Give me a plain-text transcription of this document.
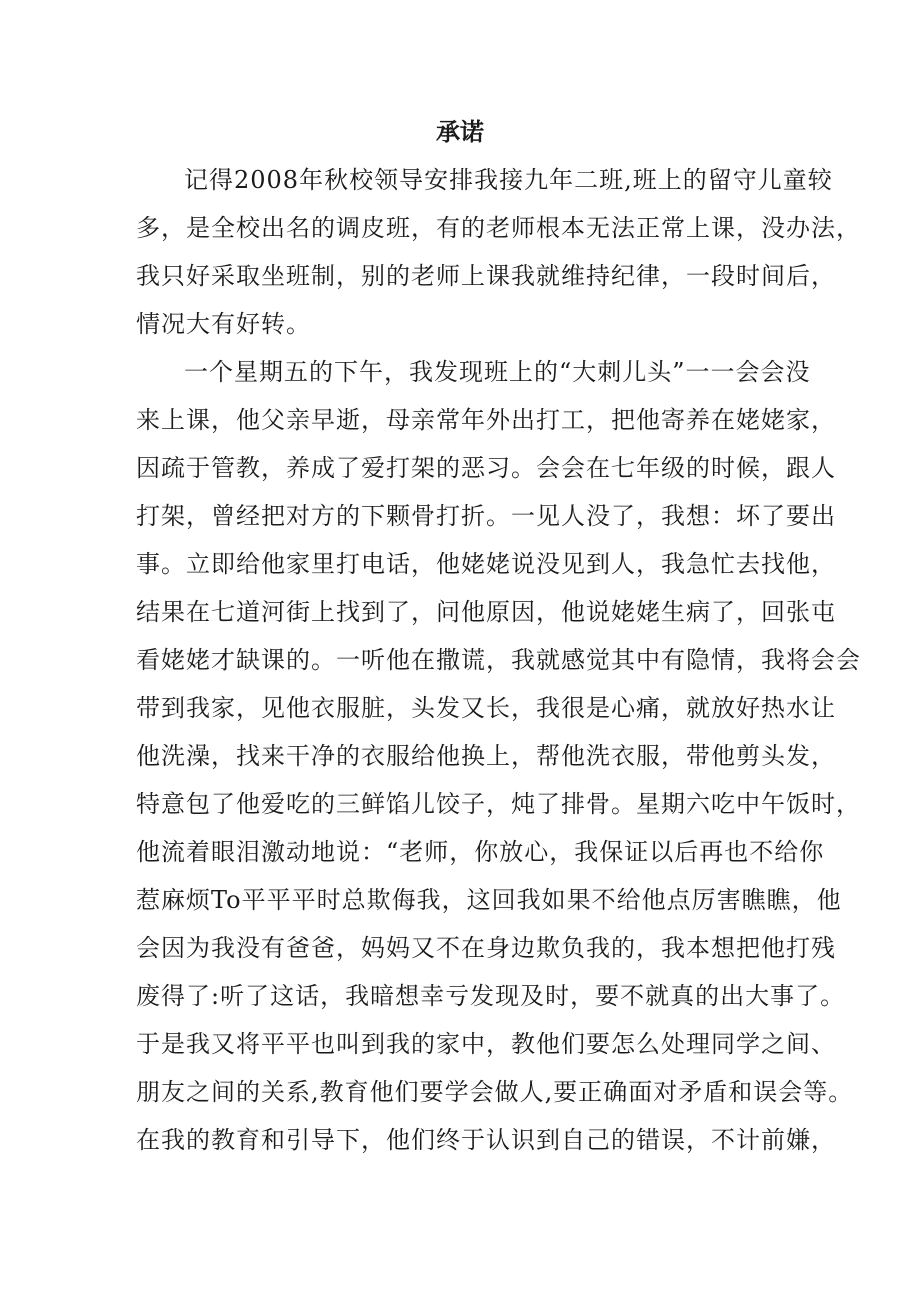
承诺
记得2008年秋校领导安排我接九年二班,班上的留守儿童较
多，是全校出名的调皮班，有的老师根本无法正常上课，没办法，
我只好采取坐班制，别的老师上课我就维持纪律，一段时间后，
情况大有好转。
一个星期五的下午，我发现班上的“大刺儿头”一一会会没
来上课，他父亲早逝，母亲常年外出打工，把他寄养在姥姥家，
因疏于管教，养成了爱打架的恶习。会会在七年级的时候，跟人
打架，曾经把对方的下颗骨打折。一见人没了，我想：坏了要出
事。立即给他家里打电话，他姥姥说没见到人，我急忙去找他，
结果在七道河街上找到了，问他原因，他说姥姥生病了，回张屯
看姥姥才缺课的。一听他在撒谎，我就感觉其中有隐情，我将会会
带到我家，见他衣服脏，头发又长，我很是心痛，就放好热水让
他洗澡，找来干净的衣服给他换上，帮他洗衣服，带他剪头发，
特意包了他爱吃的三鲜馅儿饺子，炖了排骨。星期六吃中午饭时，
他流着眼泪激动地说：“老师，你放心，我保证以后再也不给你
惹麻烦To平平平时总欺侮我，这回我如果不给他点厉害瞧瞧，他
会因为我没有爸爸，妈妈又不在身边欺负我的，我本想把他打残
废得了:听了这话，我暗想幸亏发现及时，要不就真的出大事了。
于是我又将平平也叫到我的家中，教他们要怎么处理同学之间、
朋友之间的关系,教育他们要学会做人,要正确面对矛盾和误会等。
在我的教育和引导下，他们终于认识到自己的错误，不计前嫌，
